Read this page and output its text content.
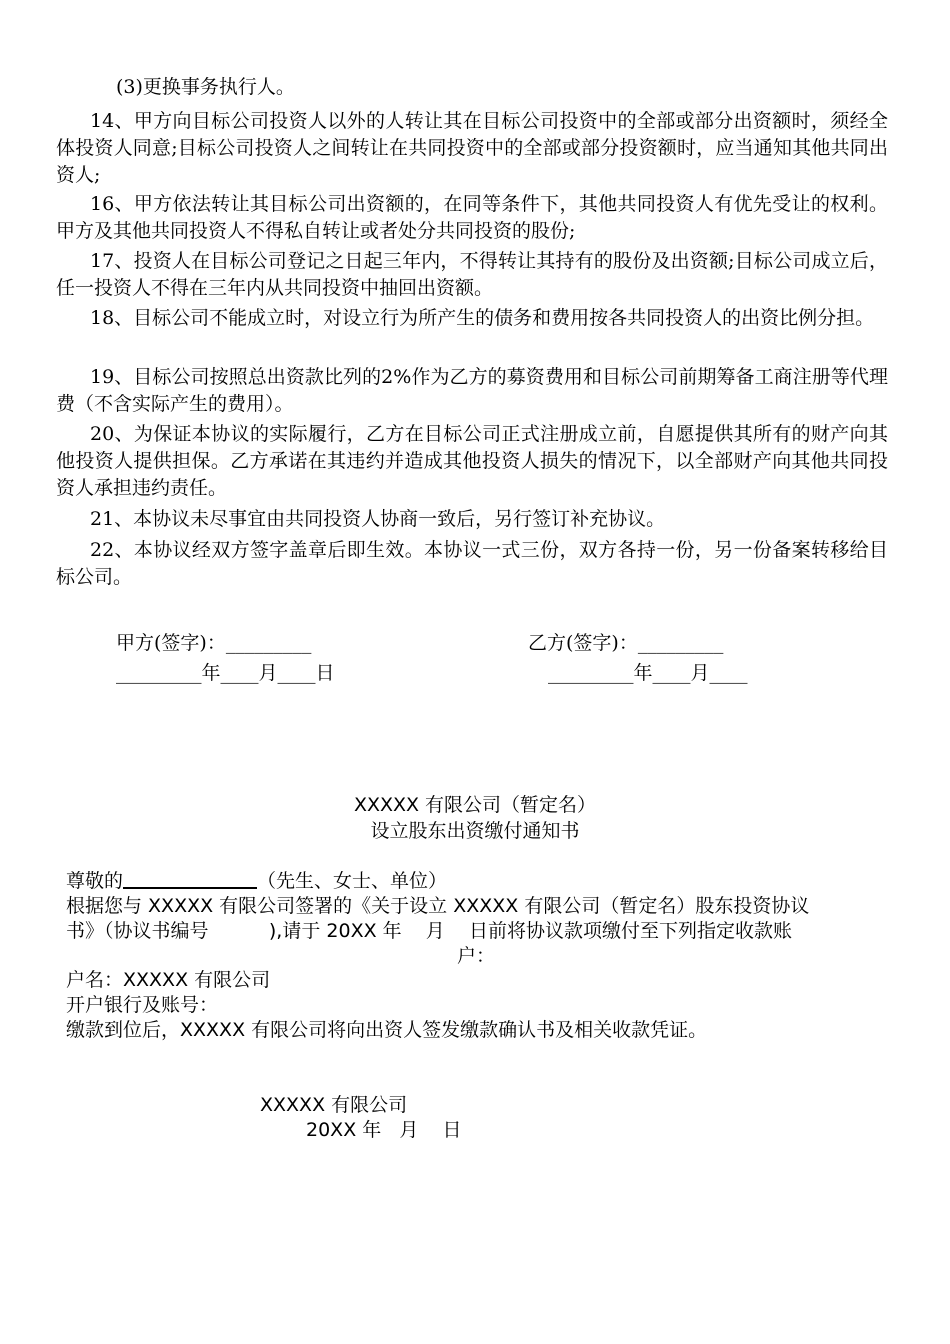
(3)更换事务执行人。
14、甲方向目标公司投资人以外的人转让其在目标公司投资中的全部或部分出资额时，须经全体投资人同意;目标公司投资人之间转让在共同投资中的全部或部分投资额时，应当通知其他共同出资人;
16、甲方依法转让其目标公司出资额的，在同等条件下，其他共同投资人有优先受让的权利。甲方及其他共同投资人不得私自转让或者处分共同投资的股份;
17、投资人在目标公司登记之日起三年内，不得转让其持有的股份及出资额;目标公司成立后，任一投资人不得在三年内从共同投资中抽回出资额。
18、目标公司不能成立时，对设立行为所产生的债务和费用按各共同投资人的出资比例分担。
19、目标公司按照总出资款比列的2%作为乙方的募资费用和目标公司前期筹备工商注册等代理费（不含实际产生的费用）。
20、为保证本协议的实际履行，乙方在目标公司正式注册成立前，自愿提供其所有的财产向其他投资人提供担保。乙方承诺在其违约并造成其他投资人损失的情况下，以全部财产向其他共同投资人承担违约责任。
21、本协议未尽事宜由共同投资人协商一致后，另行签订补充协议。
22、本协议经双方签字盖章后即生效。本协议一式三份，双方各持一份，另一份备案转移给目标公司。
甲方(签字)：_________	乙方(签字)：_________
_________年____月____日	_________年____月____
XXXXX 有限公司（暂定名）
设立股东出资缴付通知书
尊敬的	（先生、女士、单位）
根据您与 XXXXX 有限公司签署的《关于设立 XXXXX 有限公司（暂定名）股东投资协议
书》（协议书编号          ),请于 20XX 年    月    日前将协议款项缴付至下列指定收款账
户：
户名：XXXXX 有限公司
开户银行及账号：
缴款到位后，XXXXX 有限公司将向出资人签发缴款确认书及相关收款凭证。
XXXXX 有限公司
20XX 年   月    日
